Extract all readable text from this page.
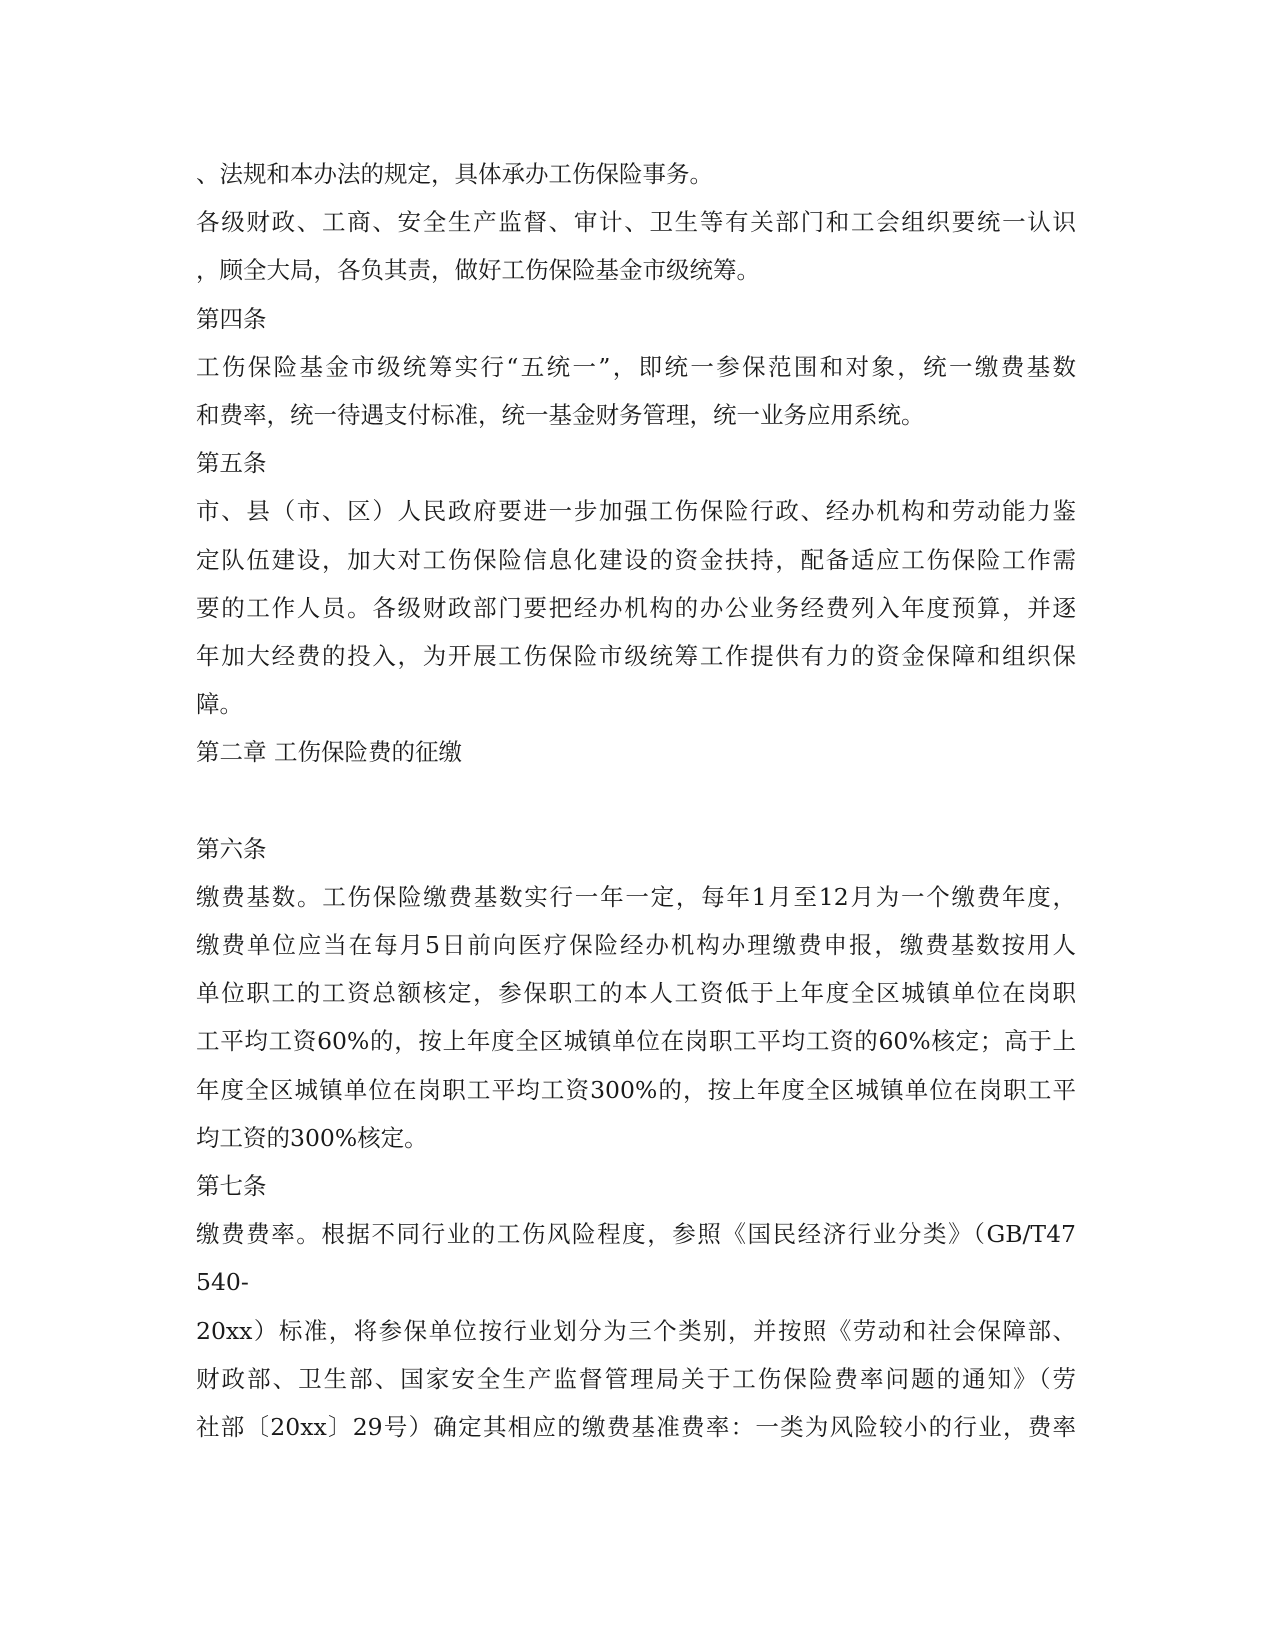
、法规和本办法的规定，具体承办工伤保险事务。
各级财政、工商、安全生产监督、审计、卫生等有关部门和工会组织要统一认识
，顾全大局，各负其责，做好工伤保险基金市级统筹。
第四条
工伤保险基金市级统筹实行“五统一”，即统一参保范围和对象，统一缴费基数
和费率，统一待遇支付标准，统一基金财务管理，统一业务应用系统。
第五条
市、县（市、区）人民政府要进一步加强工伤保险行政、经办机构和劳动能力鉴
定队伍建设，加大对工伤保险信息化建设的资金扶持，配备适应工伤保险工作需
要的工作人员。各级财政部门要把经办机构的办公业务经费列入年度预算，并逐
年加大经费的投入，为开展工伤保险市级统筹工作提供有力的资金保障和组织保
障。
第二章 工伤保险费的征缴
第六条
缴费基数。工伤保险缴费基数实行一年一定，每年1月至12月为一个缴费年度，
缴费单位应当在每月5日前向医疗保险经办机构办理缴费申报，缴费基数按用人
单位职工的工资总额核定，参保职工的本人工资低于上年度全区城镇单位在岗职
工平均工资60%的，按上年度全区城镇单位在岗职工平均工资的60%核定；高于上
年度全区城镇单位在岗职工平均工资300%的，按上年度全区城镇单位在岗职工平
均工资的300%核定。
第七条
缴费费率。根据不同行业的工伤风险程度，参照《国民经济行业分类》（GB/T47
540-
20xx）标准，将参保单位按行业划分为三个类别，并按照《劳动和社会保障部、
财政部、卫生部、国家安全生产监督管理局关于工伤保险费率问题的通知》（劳
社部〔20xx〕29号）确定其相应的缴费基准费率：一类为风险较小的行业，费率
